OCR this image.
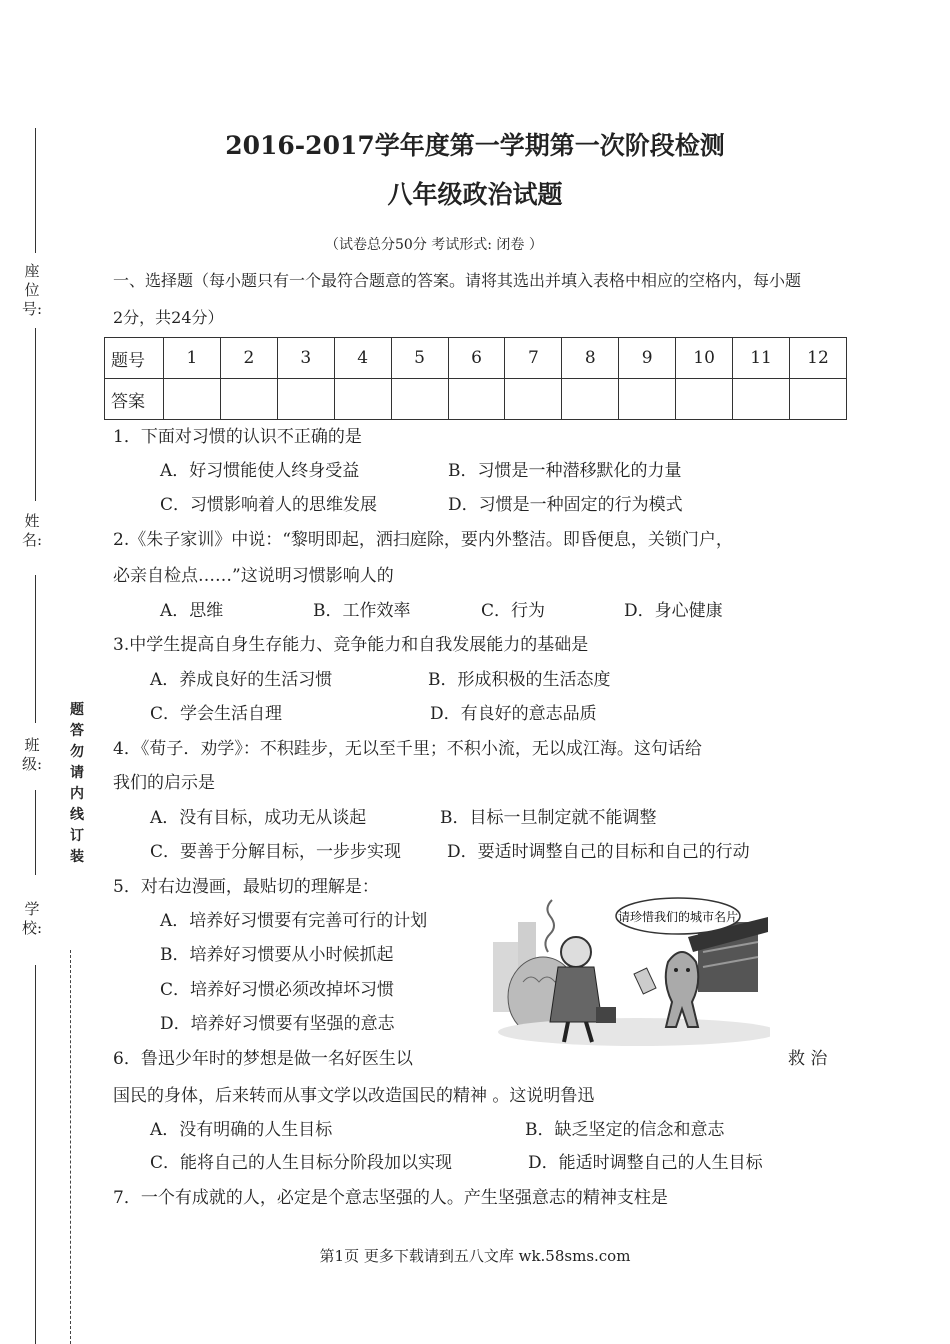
座位号:
姓名:
班级:
学校:
题答勿请内线订装
2016-2017学年度第一学期第一次阶段检测
八年级政治试题
（试卷总分50分 考试形式: 闭卷 ）
一、选择题（每小题只有一个最符合题意的答案。请将其选出并填入表格中相应的空格内，每小题
2分，共24分）
题号	1	2	3	4	5	6	7	8	9	10	11	12
答案												
1．下面对习惯的认识不正确的是
A．好习惯能使人终身受益	B．习惯是一种潜移默化的力量
C．习惯影响着人的思维发展	D．习惯是一种固定的行为模式
2.《朱子家训》中说：“黎明即起，洒扫庭除，要内外整洁。即昏便息，关锁门户，
必亲自检点……”这说明习惯影响人的
A．思维	B．工作效率	C．行为	D．身心健康
3.中学生提高自身生存能力、竞争能力和自我发展能力的基础是
A．养成良好的生活习惯	B．形成积极的生活态度
C．学会生活自理	D．有良好的意志品质
4．《荀子．劝学》：不积跬步，无以至千里；不积小流，无以成江海。这句话给
我们的启示是
A．没有目标，成功无从谈起	B．目标一旦制定就不能调整
C．要善于分解目标，一步步实现	D．要适时调整自己的目标和自己的行动
5．对右边漫画，最贴切的理解是：
A．培养好习惯要有完善可行的计划
B．培养好习惯要从小时候抓起
C．培养好习惯必须改掉坏习惯
D．培养好习惯要有坚强的意志
请珍惜我们的城市名片
6．鲁迅少年时的梦想是做一名好医生以	救 治
国民的身体，后来转而从事文学以改造国民的精神 。这说明鲁迅
A．没有明确的人生目标	B．缺乏坚定的信念和意志
C．能将自己的人生目标分阶段加以实现	D．能适时调整自己的人生目标
7．一个有成就的人，必定是个意志坚强的人。产生坚强意志的精神支柱是
第1页 更多下载请到五八文库 wk.58sms.com
